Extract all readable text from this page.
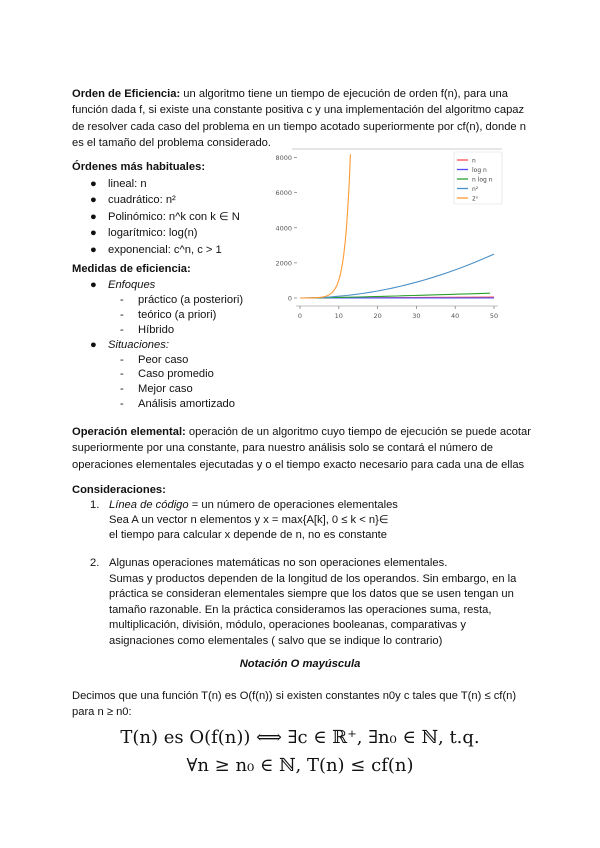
Orden de Eficiencia: un algoritmo tiene un tiempo de ejecución de orden f(n), para una
función dada f, si existe una constante positiva c y una implementación del algoritmo capaz
de resolver cada caso del problema en un tiempo acotado superiormente por cf(n), donde n
es el tamaño del problema considerado.
Órdenes más habituales:
● lineal: n
● cuadrático: n²
● Polinómico: n^k con k ∈ N
● logarítmico: log(n)
● exponencial: c^n, c > 1
Medidas de eficiencia:
● Enfoques
- práctico (a posteriori)
- teórico (a priori)
- Híbrido
● Situaciones:
- Peor caso
- Caso promedio
- Mejor caso
- Análisis amortizado
0
2000
4000
6000
8000
0	10	20	30	40	50
n
log n
n log n
n²
2ⁿ
Operación elemental: operación de un algoritmo cuyo tiempo de ejecución se puede acotar
superiormente por una constante, para nuestro análisis solo se contará el número de
operaciones elementales ejecutadas y o el tiempo exacto necesario para cada una de ellas
Consideraciones:
1. Línea de código = un número de operaciones elementales
Sea A un vector n elementos y x = max{A[k], 0 ≤ k < n}∈
el tiempo para calcular x depende de n, no es constante
2. Algunas operaciones matemáticas no son operaciones elementales.
Sumas y productos dependen de la longitud de los operandos. Sin embargo, en la
práctica se consideran elementales siempre que los datos que se usen tengan un
tamaño razonable. En la práctica consideramos las operaciones suma, resta,
multiplicación, división, módulo, operaciones booleanas, comparativas y
asignaciones como elementales ( salvo que se indique lo contrario)
Notación O mayúscula
Decimos que una función T(n) es O(f(n)) si existen constantes n0y c tales que T(n) ≤ cf(n)
para n ≥ n0:
T(n) es O(f(n)) ⟺ ∃c ∈ ℝ⁺, ∃n₀ ∈ ℕ, t.q.
∀n ≥ n₀ ∈ ℕ, T(n) ≤ cf(n)
